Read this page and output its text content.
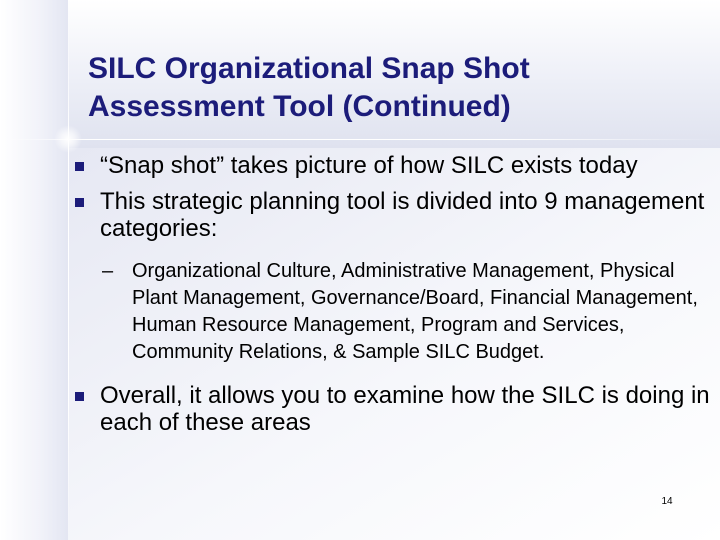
SILC Organizational Snap Shot
Assessment Tool (Continued)
“Snap shot” takes picture of how SILC exists today
This strategic planning tool is divided into 9 management categories:
– Organizational Culture, Administrative Management, Physical Plant Management, Governance/Board, Financial Management, Human Resource Management, Program and Services, Community Relations, & Sample SILC Budget.
Overall, it allows you to examine how the SILC is doing in each of these areas
14
